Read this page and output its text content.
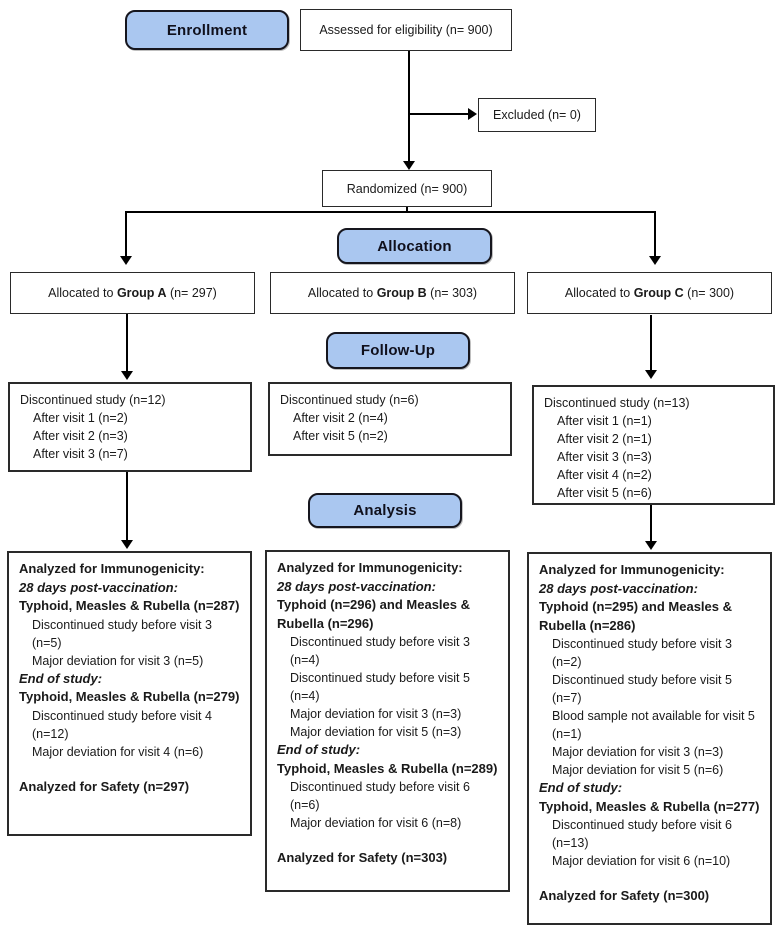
Enrollment
Allocation
Follow-Up
Analysis
Assessed for eligibility (n= 900)
Excluded (n= 0)
Randomized (n= 900)
Allocated to Group A (n= 297)	Allocated to Group B (n= 303)	Allocated to Group C (n= 300)
Discontinued study (n=12)
After visit 1 (n=2)
After visit 2 (n=3)
After visit 3 (n=7)
Discontinued study (n=6)
After visit 2 (n=4)
After visit 5 (n=2)
Discontinued study (n=13)
After visit 1 (n=1)
After visit 2 (n=1)
After visit 3 (n=3)
After visit 4 (n=2)
After visit 5 (n=6)
Analyzed for Immunogenicity:
28 days post-vaccination:
Typhoid, Measles & Rubella (n=287)
Discontinued study before visit 3 (n=5)
Major deviation for visit 3 (n=5)
End of study:
Typhoid, Measles & Rubella (n=279)
Discontinued study before visit 4 (n=12)
Major deviation for visit 4 (n=6)
Analyzed for Safety (n=297)
Analyzed for Immunogenicity:
28 days post-vaccination:
Typhoid (n=296) and Measles & Rubella (n=296)
Discontinued study before visit 3 (n=4)
Discontinued study before visit 5 (n=4)
Major deviation for visit 3 (n=3)
Major deviation for visit 5 (n=3)
End of study:
Typhoid, Measles & Rubella (n=289)
Discontinued study before visit 6 (n=6)
Major deviation for visit 6 (n=8)
Analyzed for Safety (n=303)
Analyzed for Immunogenicity:
28 days post-vaccination:
Typhoid (n=295) and Measles & Rubella (n=286)
Discontinued study before visit 3 (n=2)
Discontinued study before visit 5 (n=7)
Blood sample not available for visit 5 (n=1)
Major deviation for visit 3 (n=3)
Major deviation for visit 5 (n=6)
End of study:
Typhoid, Measles & Rubella (n=277)
Discontinued study before visit 6 (n=13)
Major deviation for visit 6 (n=10)
Analyzed for Safety (n=300)
